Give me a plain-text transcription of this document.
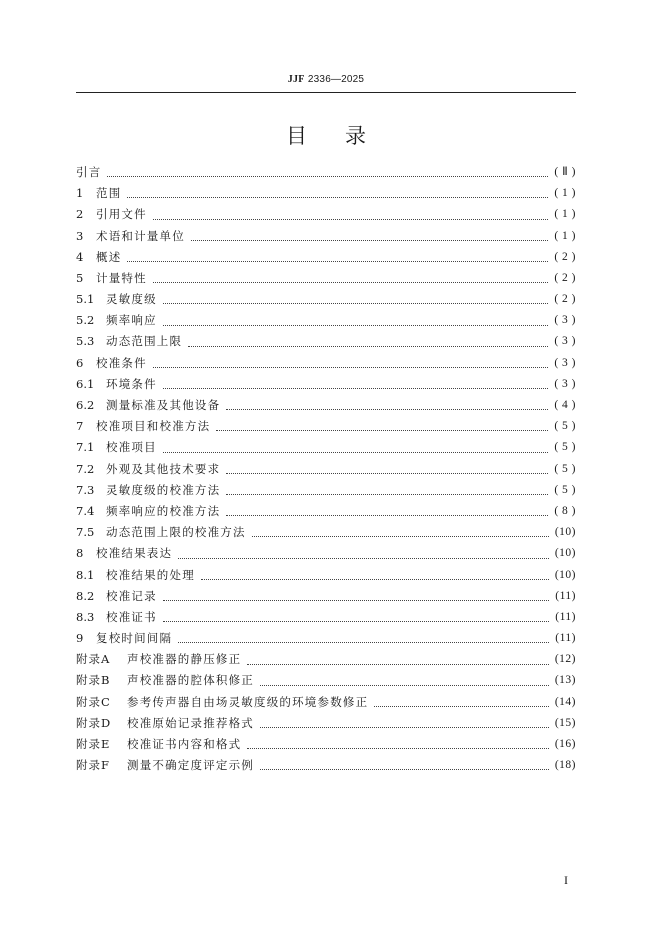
JJF 2336—2025
目录
引言	( Ⅱ )
1	范围	( 1 )
2	引用文件	( 1 )
3	术语和计量单位	( 1 )
4	概述	( 2 )
5	计量特性	( 2 )
5.1	灵敏度级	( 2 )
5.2	频率响应	( 3 )
5.3	动态范围上限	( 3 )
6	校准条件	( 3 )
6.1	环境条件	( 3 )
6.2	测量标准及其他设备	( 4 )
7	校准项目和校准方法	( 5 )
7.1	校准项目	( 5 )
7.2	外观及其他技术要求	( 5 )
7.3	灵敏度级的校准方法	( 5 )
7.4	频率响应的校准方法	( 8 )
7.5	动态范围上限的校准方法	(10)
8	校准结果表达	(10)
8.1	校准结果的处理	(10)
8.2	校准记录	(11)
8.3	校准证书	(11)
9	复校时间间隔	(11)
附录A	声校准器的静压修正	(12)
附录B	声校准器的腔体积修正	(13)
附录C	参考传声器自由场灵敏度级的环境参数修正	(14)
附录D	校准原始记录推荐格式	(15)
附录E	校准证书内容和格式	(16)
附录F	测量不确定度评定示例	(18)
I
